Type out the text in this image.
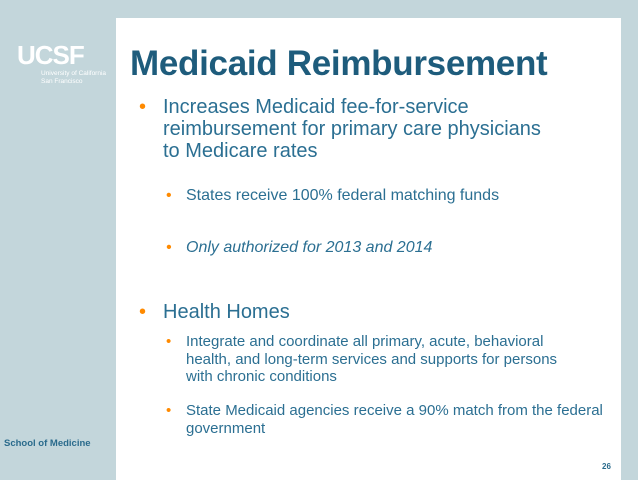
UCSF
University of California
San Francisco
School of Medicine
Medicaid Reimbursement
• Increases Medicaid fee-for-service reimbursement for primary care physicians to Medicare rates
• States receive 100% federal matching funds
• Only authorized for 2013 and 2014
• Health Homes
• Integrate and coordinate all primary, acute, behavioral health, and long-term services and supports for persons with chronic conditions
• State Medicaid agencies receive a 90% match from the federal government
26
